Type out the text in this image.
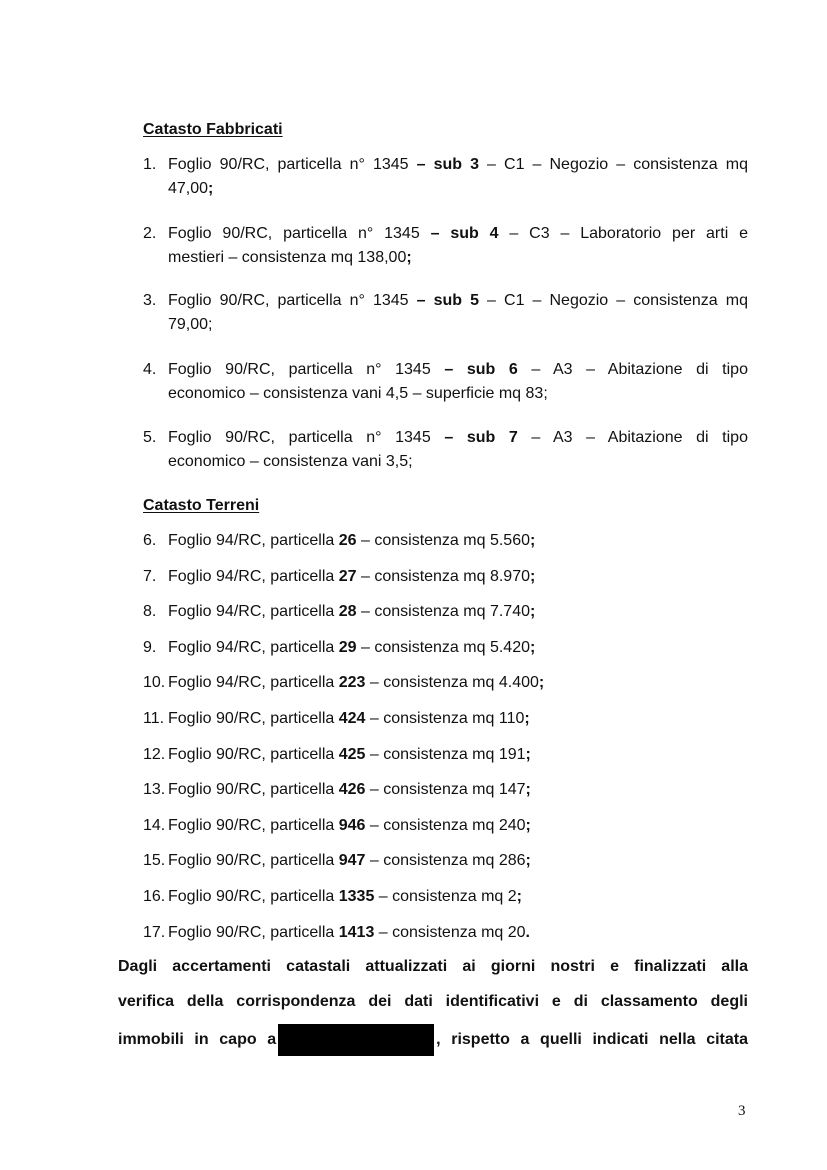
Catasto Fabbricati
1. Foglio 90/RC, particella n° 1345 – sub 3 – C1 – Negozio – consistenza mq
47,00;
2. Foglio 90/RC, particella n° 1345 – sub 4 – C3 – Laboratorio per arti e
mestieri – consistenza mq 138,00;
3. Foglio 90/RC, particella n° 1345 – sub 5 – C1 – Negozio – consistenza mq
79,00;
4. Foglio 90/RC, particella n° 1345 – sub 6 – A3 – Abitazione di tipo
economico – consistenza vani 4,5 – superficie mq 83;
5. Foglio 90/RC, particella n° 1345 – sub 7 – A3 – Abitazione di tipo
economico – consistenza vani 3,5;
Catasto Terreni
6. Foglio 94/RC, particella 26 – consistenza mq 5.560;
7. Foglio 94/RC, particella 27 – consistenza mq 8.970;
8. Foglio 94/RC, particella 28 – consistenza mq 7.740;
9. Foglio 94/RC, particella 29 – consistenza mq 5.420;
10. Foglio 94/RC, particella 223 – consistenza mq 4.400;
11. Foglio 90/RC, particella 424 – consistenza mq 110;
12. Foglio 90/RC, particella 425 – consistenza mq 191;
13. Foglio 90/RC, particella 426 – consistenza mq 147;
14. Foglio 90/RC, particella 946 – consistenza mq 240;
15. Foglio 90/RC, particella 947 – consistenza mq 286;
16. Foglio 90/RC, particella 1335 – consistenza mq 2;
17. Foglio 90/RC, particella 1413 – consistenza mq 20.
Dagli accertamenti catastali attualizzati ai giorni nostri e finalizzati alla
verifica della corrispondenza dei dati identificativi e di classamento degli
immobili in capo a	, rispetto a quelli indicati nella citata
3
